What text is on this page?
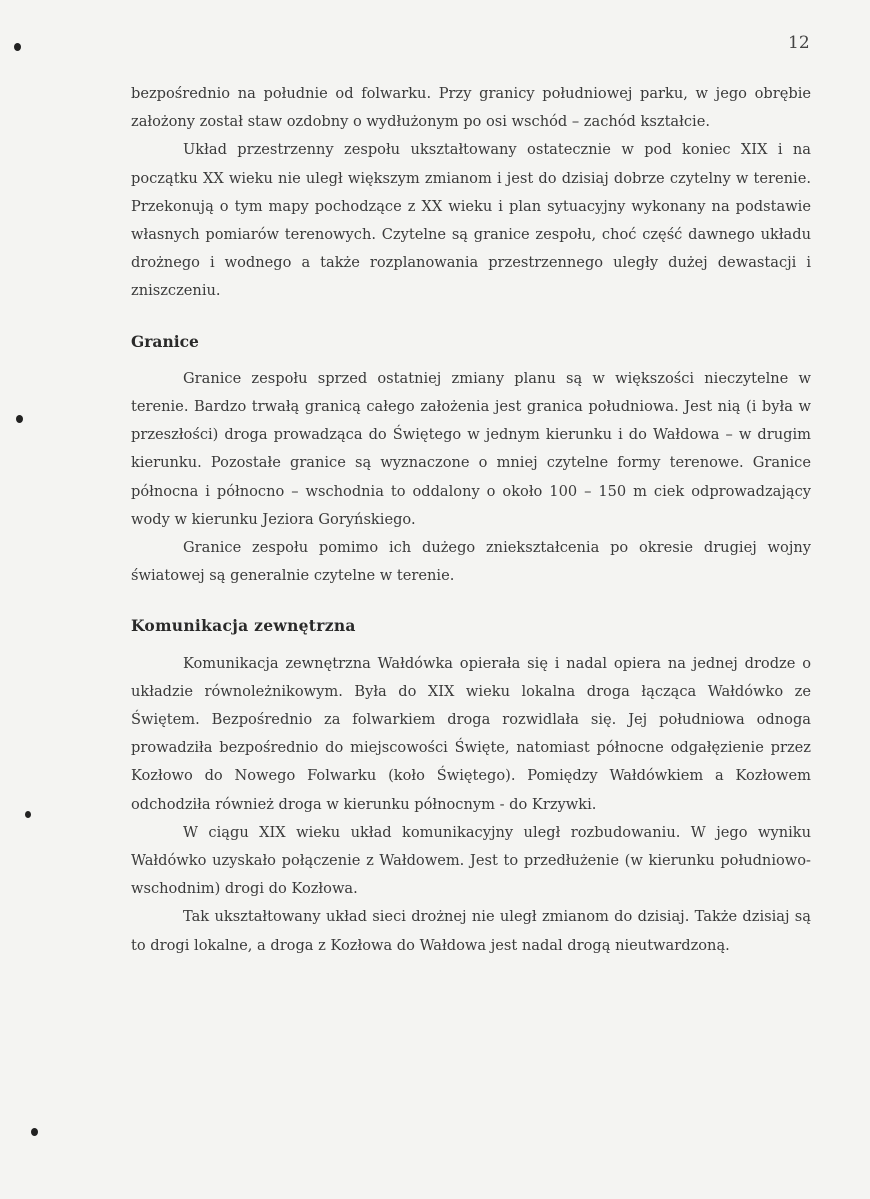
12

bezpośrednio na południe od folwarku. Przy granicy południowej parku, w jego obrębie założony został staw ozdobny o wydłużonym po osi wschód – zachód kształcie.

Układ przestrzenny zespołu ukształtowany ostatecznie w pod koniec XIX i na początku XX wieku nie uległ większym zmianom i jest do dzisiaj dobrze czytelny w terenie. Przekonują o tym mapy pochodzące z XX wieku i plan sytuacyjny wykonany na podstawie własnych pomiarów terenowych. Czytelne są granice zespołu, choć część dawnego układu drożnego i wodnego a także rozplanowania przestrzennego uległy dużej dewastacji i zniszczeniu.

Granice

Granice zespołu sprzed ostatniej zmiany planu są w większości nieczytelne w terenie. Bardzo trwałą granicą całego założenia jest granica południowa. Jest nią (i była w przeszłości) droga prowadząca do Świętego w jednym kierunku i do Wałdowa – w drugim kierunku. Pozostałe granice są wyznaczone o mniej czytelne formy terenowe. Granice północna i północno – wschodnia to oddalony o około 100 – 150 m ciek odprowadzający wody w kierunku Jeziora Goryńskiego.

Granice zespołu pomimo ich dużego zniekształcenia po okresie drugiej wojny światowej są generalnie czytelne w terenie.

Komunikacja zewnętrzna

Komunikacja zewnętrzna Wałdówka opierała się i nadal opiera na jednej drodze o układzie równoleżnikowym. Była do XIX wieku lokalna droga łącząca Wałdówko ze Świętem. Bezpośrednio za folwarkiem droga rozwidlała się. Jej południowa odnoga prowadziła bezpośrednio do miejscowości Święte, natomiast północne odgałęzienie przez Kozłowo do Nowego Folwarku (koło Świętego). Pomiędzy Wałdówkiem a Kozłowem odchodziła również droga w kierunku północnym - do Krzywki.

W ciągu XIX wieku układ komunikacyjny uległ rozbudowaniu. W jego wyniku Wałdówko uzyskało połączenie z Wałdowem. Jest to przedłużenie (w kierunku południowo-wschodnim) drogi do Kozłowa.

Tak ukształtowany układ sieci drożnej nie uległ zmianom do dzisiaj. Także dzisiaj są to drogi lokalne, a droga z Kozłowa do Wałdowa jest nadal drogą nieutwardzoną.
